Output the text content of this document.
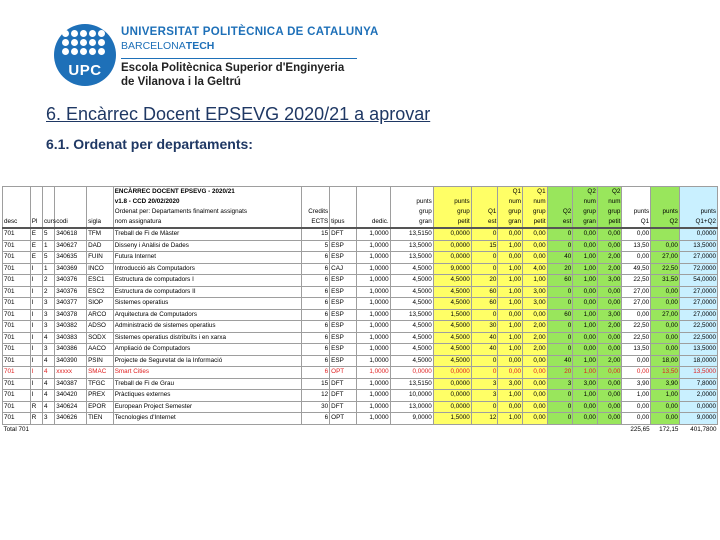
UPC
UNIVERSITAT POLITÈCNICA DE CATALUNYA
BARCELONATECH
Escola Politècnica Superior d'Enginyeria
de Vilanova i la Geltrú
6. Encàrrec Docent EPSEVG 2020/21 a aprovar
6.1. Ordenat per departaments:
					ENCÀRREC DOCENT EPSEVG - 2020/21							Q1	Q1		Q2	Q2			
					v1.8 - CCD 20/02/2020				punts	punts		num	num		num	num			
					Ordenat per: Departaments finalment assignats	Credits			grup	grup	Q1	grup	grup	Q2	grup	grup	punts	punts	punts
desc	Pl	curs	codi	sigla	nom assignatura	ECTS	tipus	dedic.	gran	petit	est	gran	petit	est	gran	petit	Q1	Q2	Q1+Q2
701	E	5	340618	TFM	Treball de Fi de Màster	15	DFT	1,0000	13,5150	0,0000	0	0,00	0,00	0	0,00	0,00	0,00		0,0000
701	E	1	340627	DAD	Disseny i Anàlisi de Dades	5	ESP	1,0000	13,5000	0,0000	15	1,00	0,00	0	0,00	0,00	13,50	0,00	13,5000
701	E	5	340635	FUIN	Futura Internet	6	ESP	1,0000	13,5000	0,0000	0	0,00	0,00	40	1,00	2,00	0,00	27,00	27,0000
701	I	1	340369	INCO	Introducció als Computadors	6	CAJ	1,0000	4,5000	9,0000	0	1,00	4,00	20	1,00	2,00	49,50	22,50	72,0000
701	I	2	340376	ESC1	Estructura de computadors I	6	ESP	1,0000	4,5000	4,5000	20	1,00	1,00	60	1,00	3,00	22,50	31,50	54,0000
701	I	2	340376	ESC2	Estructura de computadors II	6	ESP	1,0000	4,5000	4,5000	60	1,00	3,00	0	0,00	0,00	27,00	0,00	27,0000
701	I	3	340377	SIOP	Sistemes operatius	6	ESP	1,0000	4,5000	4,5000	60	1,00	3,00	0	0,00	0,00	27,00	0,00	27,0000
701	I	3	340378	ARCO	Arquitectura de Computadors	6	ESP	1,0000	13,5000	1,5000	0	0,00	0,00	60	1,00	3,00	0,00	27,00	27,0000
701	I	3	340382	ADSO	Administració de sistemes operatius	6	ESP	1,0000	4,5000	4,5000	30	1,00	2,00	0	1,00	2,00	22,50	0,00	22,5000
701	I	4	340383	SODX	Sistemes operatius distribuïts i en xarxa	6	ESP	1,0000	4,5000	4,5000	40	1,00	2,00	0	0,00	0,00	22,50	0,00	22,5000
701	I	3	340386	AACO	Ampliació de Computadors	6	ESP	1,0000	4,5000	4,5000	40	1,00	2,00	0	0,00	0,00	13,50	0,00	13,5000
701	I	4	340390	PSIN	Projecte de Seguretat de la Informació	6	ESP	1,0000	4,5000	4,5000	0	0,00	0,00	40	1,00	2,00	0,00	18,00	18,0000
701	I	4	xxxxx	SMAC	Smart Cities	6	OPT	1,0000	0,0000	0,0000	0	0,00	0,00	20	1,00	0,00	0,00	13,50	13,5000
701	I	4	340387	TFGC	Treball de Fi de Grau	15	DFT	1,0000	13,5150	0,0000	3	3,00	0,00	3	3,00	0,00	3,90	3,90	7,8000
701	I	4	340420	PREX	Pràctiques externes	12	DFT	1,0000	10,0000	0,0000	3	1,00	0,00	0	1,00	0,00	1,00	1,00	2,0000
701	R	4	340624	EPOR	European Project Semester	30	DFT	1,0000	13,0000	0,0000	0	0,00	0,00	0	0,00	0,00	0,00	0,00	0,0000
701	R	3	340626	TIEN	Tecnologies d'Internet	6	OPT	1,0000	9,0000	1,5000	12	1,00	0,00	0	0,00	0,00	0,00	0,00	9,0000
Total 701																	225,65	172,15	401,7800
